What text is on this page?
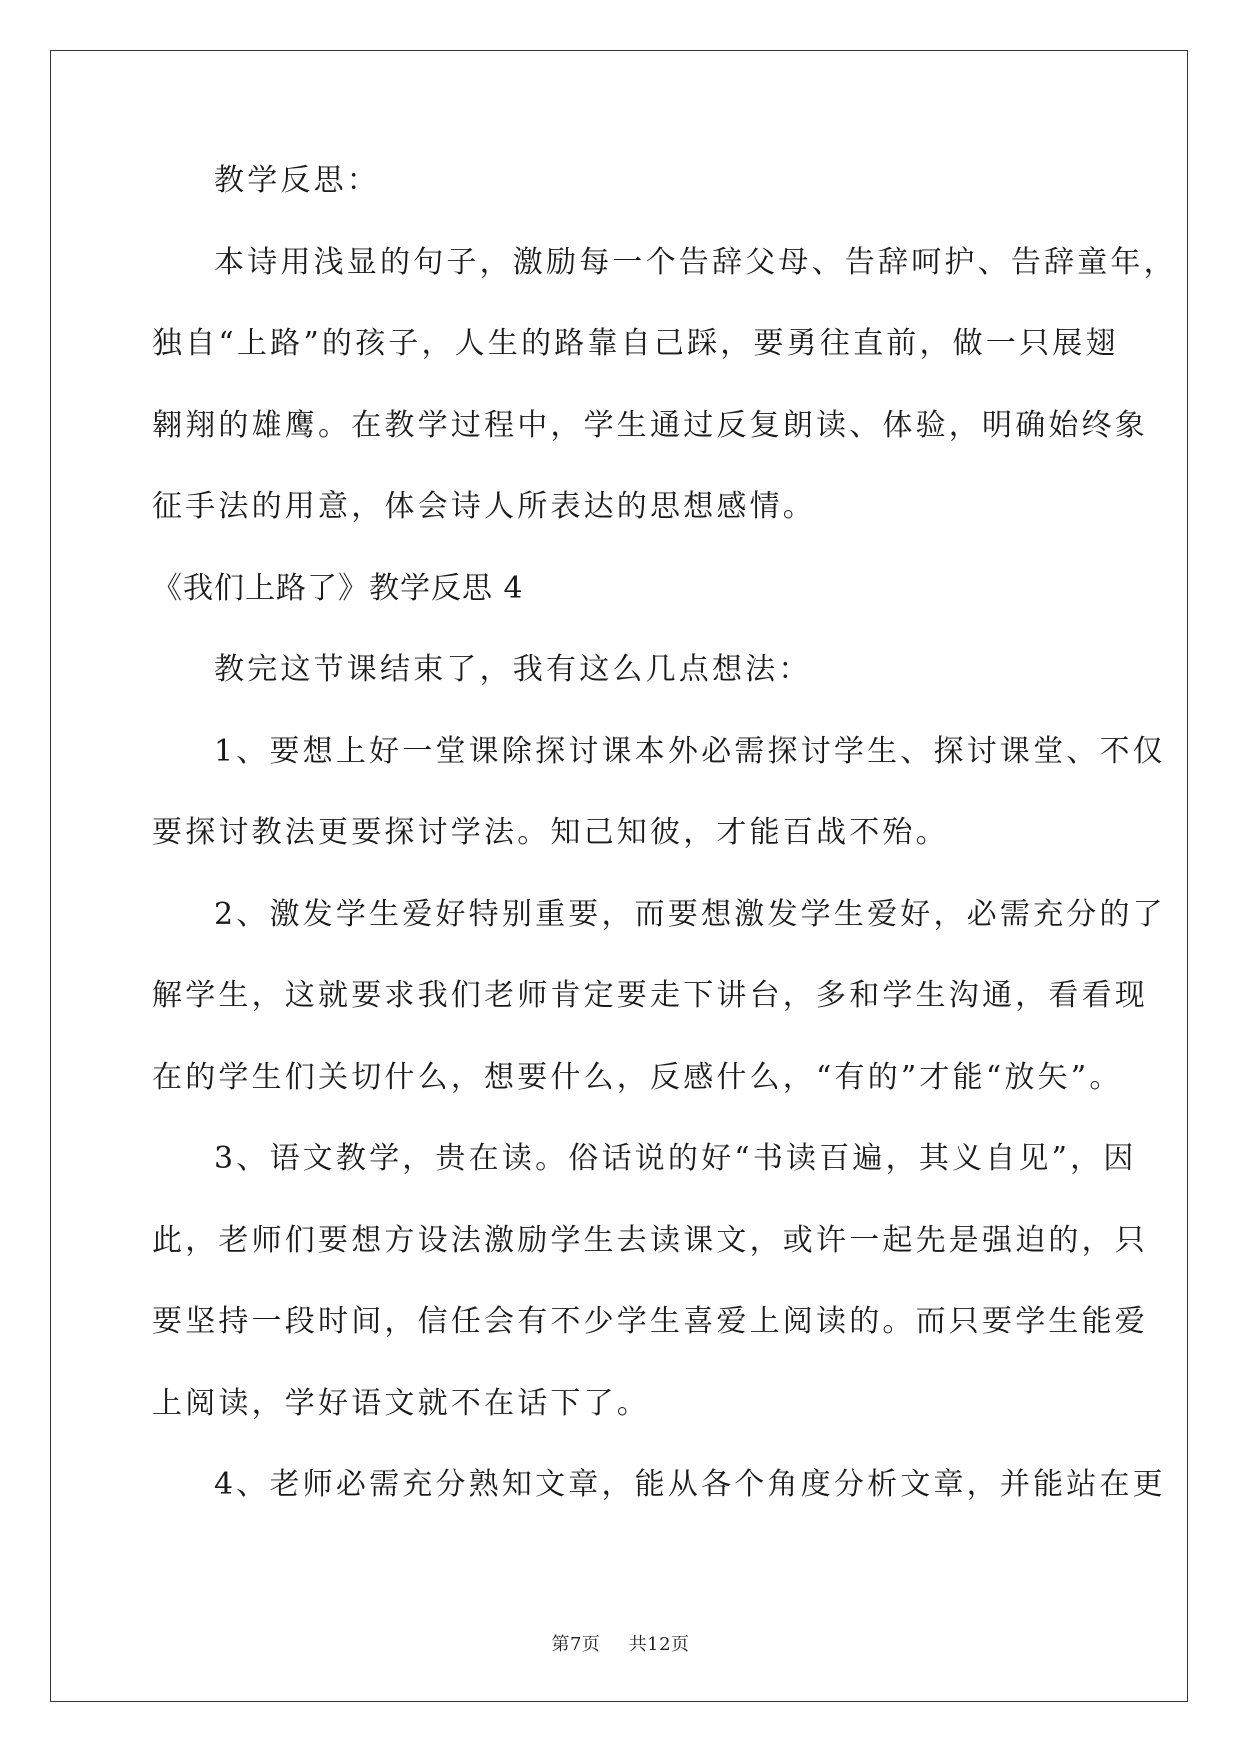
教学反思：
本诗用浅显的句子，激励每一个告辞父母、告辞呵护、告辞童年，
独自“上路”的孩子，人生的路靠自己踩，要勇往直前，做一只展翅
翱翔的雄鹰。在教学过程中，学生通过反复朗读、体验，明确始终象
征手法的用意，体会诗人所表达的思想感情。
《我们上路了》教学反思 4
教完这节课结束了，我有这么几点想法：
1、要想上好一堂课除探讨课本外必需探讨学生、探讨课堂、不仅
要探讨教法更要探讨学法。知己知彼，才能百战不殆。
2、激发学生爱好特别重要，而要想激发学生爱好，必需充分的了
解学生，这就要求我们老师肯定要走下讲台，多和学生沟通，看看现
在的学生们关切什么，想要什么，反感什么，“有的”才能“放矢”。
3、语文教学，贵在读。俗话说的好“书读百遍，其义自见”，因
此，老师们要想方设法激励学生去读课文，或许一起先是强迫的，只
要坚持一段时间，信任会有不少学生喜爱上阅读的。而只要学生能爱
上阅读，学好语文就不在话下了。
4、老师必需充分熟知文章，能从各个角度分析文章，并能站在更
第7页 共12页
